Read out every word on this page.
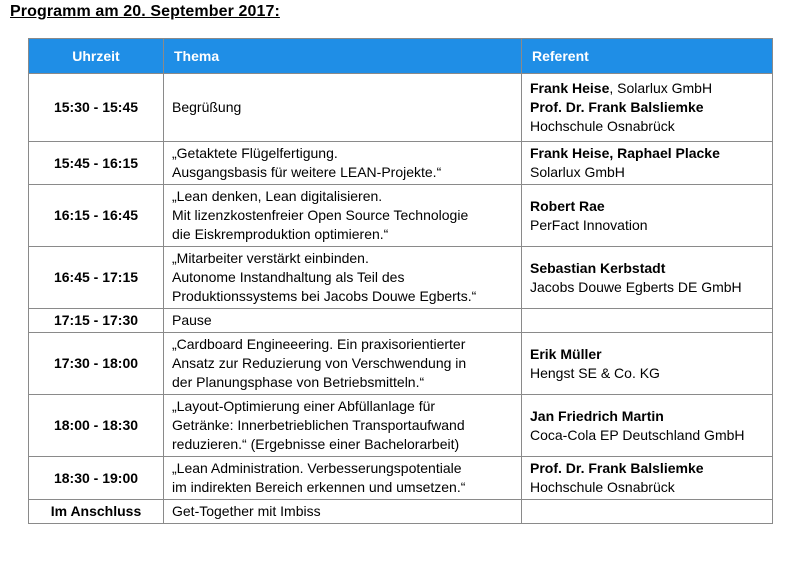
Programm am 20. September 2017:
Uhrzeit	Thema	Referent
15:30 - 15:45	Begrüßung	Frank Heise, Solarlux GmbH
Prof. Dr. Frank Balsliemke
Hochschule Osnabrück

15:45 - 16:15	„Getaktete Flügelfertigung.
Ausgangsbasis für weitere LEAN-Projekte.“	Frank Heise, Raphael Placke
Solarlux GmbH

16:15 - 16:45	„Lean denken, Lean digitalisieren.
Mit lizenzkostenfreier Open Source Technologie
die Eiskremproduktion optimieren.“	Robert Rae
PerFact Innovation

16:45 - 17:15	„Mitarbeiter verstärkt einbinden.
Autonome Instandhaltung als Teil des
Produktionssystems bei Jacobs Douwe Egberts.“	Sebastian Kerbstadt
Jacobs Douwe Egberts DE GmbH

17:15 - 17:30	Pause	

17:30 - 18:00	„Cardboard Engineeering. Ein praxisorientierter
Ansatz zur Reduzierung von Verschwendung in
der Planungsphase von Betriebsmitteln.“	Erik Müller
Hengst SE & Co. KG

18:00 - 18:30	„Layout-Optimierung einer Abfüllanlage für
Getränke: Innerbetrieblichen Transportaufwand
reduzieren.“ (Ergebnisse einer Bachelorarbeit)	Jan Friedrich Martin
Coca-Cola EP Deutschland GmbH

18:30 - 19:00	„Lean Administration. Verbesserungspotentiale
im indirekten Bereich erkennen und umsetzen.“	Prof. Dr. Frank Balsliemke
Hochschule Osnabrück

Im Anschluss	Get-Together mit Imbiss	
